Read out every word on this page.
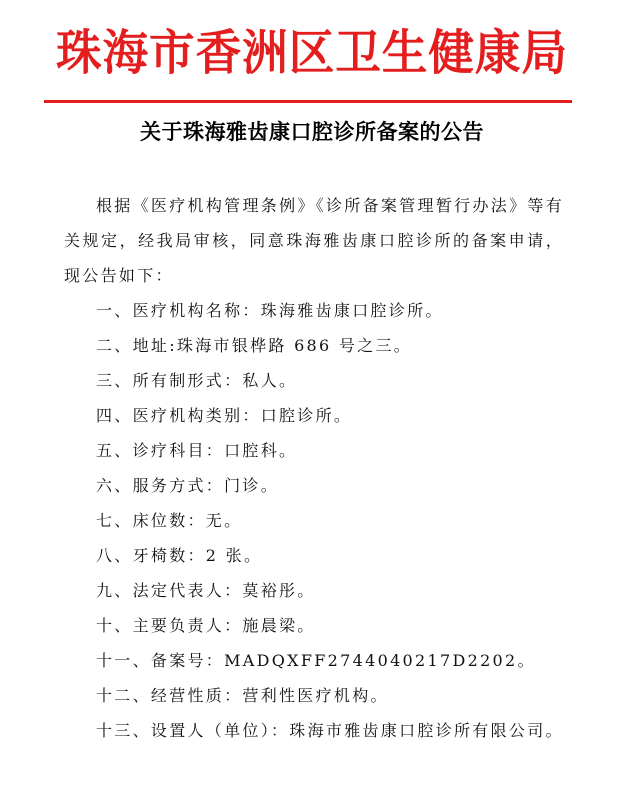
珠海市香洲区卫生健康局
关于珠海雅齿康口腔诊所备案的公告

根据《医疗机构管理条例》《诊所备案管理暂行办法》等有关规定，经我局审核，同意珠海雅齿康口腔诊所的备案申请，现公告如下：

一、医疗机构名称：珠海雅齿康口腔诊所。
二、地址:珠海市银桦路 686 号之三。
三、所有制形式：私人。
四、医疗机构类别：口腔诊所。
五、诊疗科目：口腔科。
六、服务方式：门诊。
七、床位数：无。
八、牙椅数：2 张。
九、法定代表人：莫裕彤。
十、主要负责人：施晨梁。
十一、备案号：MADQXFF2744040217D2202。
十二、经营性质：营利性医疗机构。
十三、设置人（单位）：珠海市雅齿康口腔诊所有限公司。
